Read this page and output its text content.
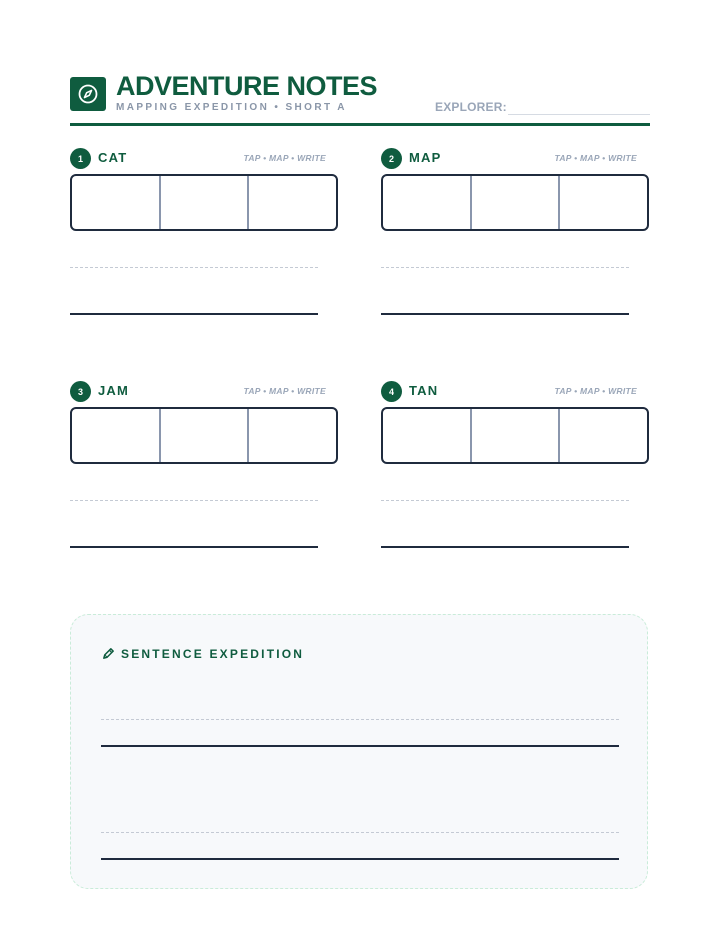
ADVENTURE NOTES
MAPPING EXPEDITION • SHORT A	EXPLORER:
1	CAT	TAP • MAP • WRITE	2	MAP	TAP • MAP • WRITE
3	JAM	TAP • MAP • WRITE	4	TAN	TAP • MAP • WRITE
SENTENCE EXPEDITION
